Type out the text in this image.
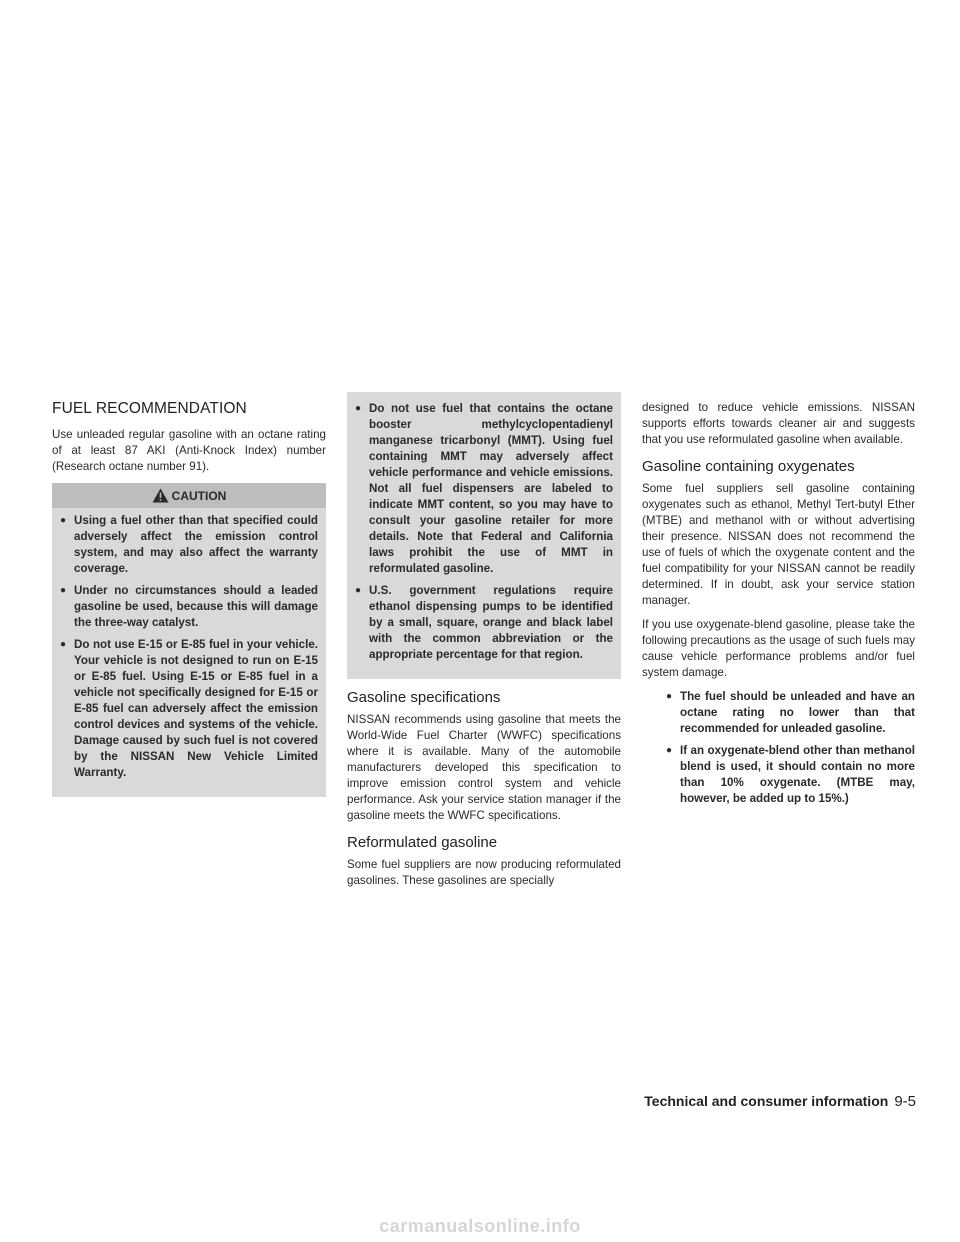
FUEL RECOMMENDATION

Use unleaded regular gasoline with an octane rating of at least 87 AKI (Anti-Knock Index) number (Research octane number 91).

CAUTION
● Using a fuel other than that specified could adversely affect the emission control system, and may also affect the warranty coverage.
● Under no circumstances should a leaded gasoline be used, because this will damage the three-way catalyst.
● Do not use E-15 or E-85 fuel in your vehicle. Your vehicle is not designed to run on E-15 or E-85 fuel. Using E-15 or E-85 fuel in a vehicle not specifically designed for E-15 or E-85 fuel can adversely affect the emission control devices and systems of the vehicle. Damage caused by such fuel is not covered by the NISSAN New Vehicle Limited Warranty.
● Do not use fuel that contains the octane booster methylcyclopentadienyl manganese tricarbonyl (MMT). Using fuel containing MMT may adversely affect vehicle performance and vehicle emissions. Not all fuel dispensers are labeled to indicate MMT content, so you may have to consult your gasoline retailer for more details. Note that Federal and California laws prohibit the use of MMT in reformulated gasoline.
● U.S. government regulations require ethanol dispensing pumps to be identified by a small, square, orange and black label with the common abbreviation or the appropriate percentage for that region.
Gasoline specifications

NISSAN recommends using gasoline that meets the World-Wide Fuel Charter (WWFC) specifications where it is available. Many of the automobile manufacturers developed this specification to improve emission control system and vehicle performance. Ask your service station manager if the gasoline meets the WWFC specifications.

Reformulated gasoline

Some fuel suppliers are now producing reformulated gasolines. These gasolines are specially

designed to reduce vehicle emissions. NISSAN supports efforts towards cleaner air and suggests that you use reformulated gasoline when available.

Gasoline containing oxygenates

Some fuel suppliers sell gasoline containing oxygenates such as ethanol, Methyl Tert-butyl Ether (MTBE) and methanol with or without advertising their presence. NISSAN does not recommend the use of fuels of which the oxygenate content and the fuel compatibility for your NISSAN cannot be readily determined. If in doubt, ask your service station manager.

If you use oxygenate-blend gasoline, please take the following precautions as the usage of such fuels may cause vehicle performance problems and/or fuel system damage.

● The fuel should be unleaded and have an octane rating no lower than that recommended for unleaded gasoline.
● If an oxygenate-blend other than methanol blend is used, it should contain no more than 10% oxygenate. (MTBE may, however, be added up to 15%.)
Technical and consumer information 9-5
carmanualsonline.info
